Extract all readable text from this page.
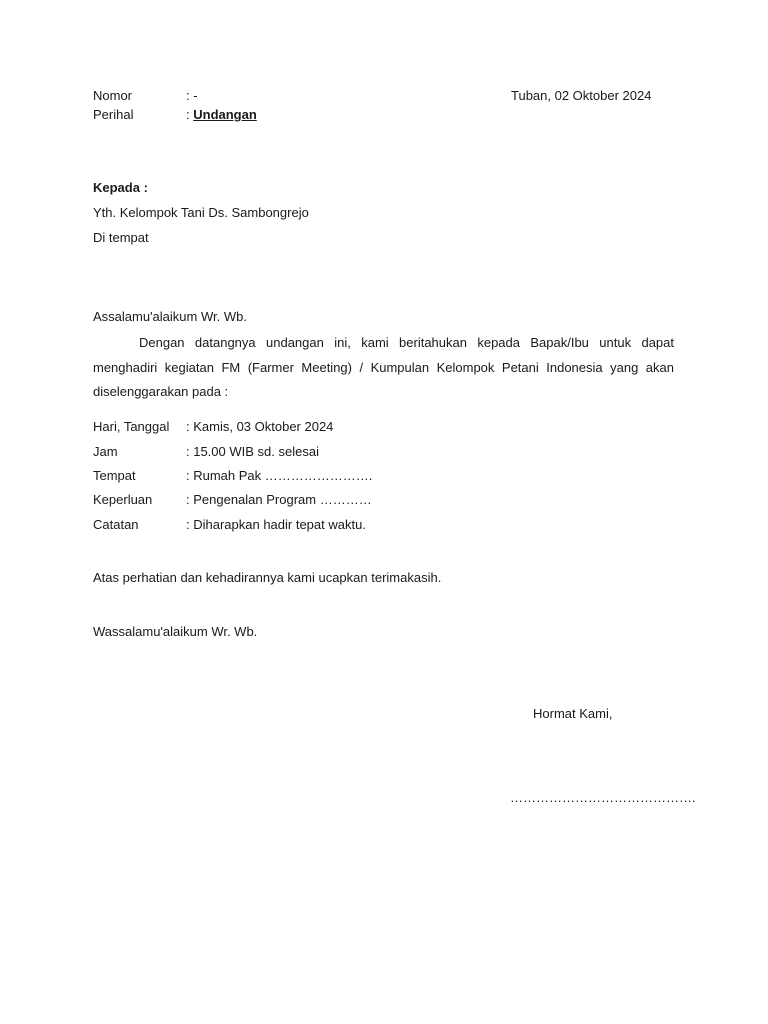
Nomor	: -	Tuban, 02 Oktober 2024
Perihal	: Undangan
Kepada :
Yth. Kelompok Tani Ds. Sambongrejo
Di tempat
Assalamu'alaikum Wr. Wb.
Dengan datangnya undangan ini, kami beritahukan kepada Bapak/Ibu untuk dapat menghadiri kegiatan FM (Farmer Meeting) / Kumpulan Kelompok Petani Indonesia yang akan diselenggarakan pada :
Hari, Tanggal : Kamis, 03 Oktober 2024
Jam	: 15.00 WIB sd. selesai
Tempat	: Rumah Pak …………………….
Keperluan	: Pengenalan Program …………
Catatan	: Diharapkan hadir tepat waktu.
Atas perhatian dan kehadirannya kami ucapkan terimakasih.
Wassalamu'alaikum Wr. Wb.
Hormat Kami,
…………………………………….
